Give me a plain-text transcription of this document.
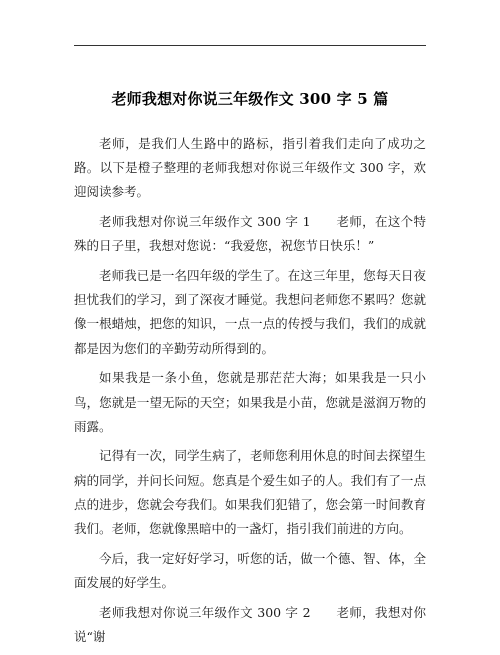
老师我想对你说三年级作文 300 字 5 篇

老师，是我们人生路中的路标，指引着我们走向了成功之路。以下是橙子整理的老师我想对你说三年级作文 300 字，欢迎阅读参考。

老师我想对你说三年级作文 300 字 1　　老师，在这个特殊的日子里，我想对您说：“我爱您，祝您节日快乐！”

老师我已是一名四年级的学生了。在这三年里，您每天日夜担忧我们的学习，到了深夜才睡觉。我想问老师您不累吗？您就像一根蜡烛，把您的知识，一点一点的传授与我们，我们的成就都是因为您们的辛勤劳动所得到的。

如果我是一条小鱼，您就是那茫茫大海；如果我是一只小鸟，您就是一望无际的天空；如果我是小苗，您就是滋润万物的雨露。

记得有一次，同学生病了，老师您利用休息的时间去探望生病的同学，并问长问短。您真是个爱生如子的人。我们有了一点点的进步，您就会夸我们。如果我们犯错了，您会第一时间教育我们。老师，您就像黑暗中的一盏灯，指引我们前进的方向。

今后，我一定好好学习，听您的话，做一个德、智、体，全面发展的好学生。

老师我想对你说三年级作文 300 字 2　　老师，我想对你说“谢
